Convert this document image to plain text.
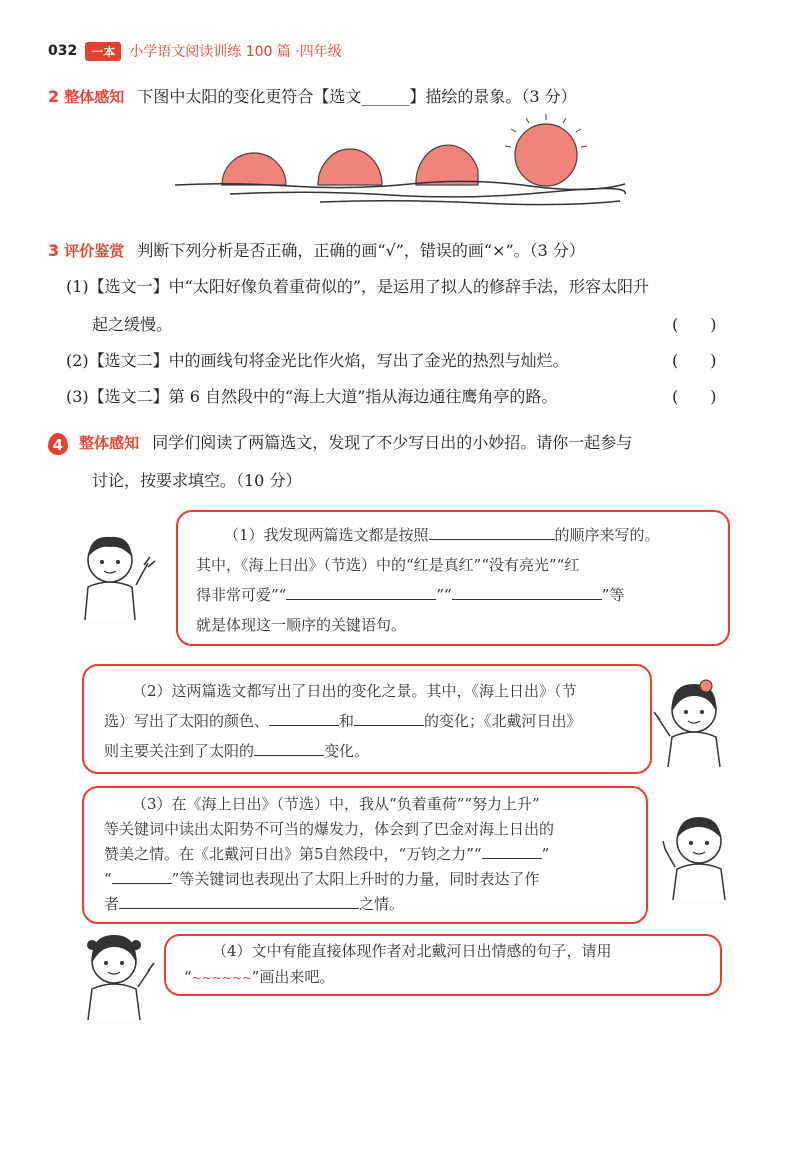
032	一本	小学语文阅读训练 100 篇 · 四年级
2 整体感知 下图中太阳的变化更符合【选文______】描绘的景象。（3 分）
3 评价鉴赏 判断下列分析是否正确，正确的画“√”，错误的画“×”。（3 分）
(1)【选文一】中“太阳好像负着重荷似的”，是运用了拟人的修辞手法，形容太阳升
起之缓慢。	(　　)
(2)【选文二】中的画线句将金光比作火焰，写出了金光的热烈与灿烂。	(　　)
(3)【选文二】第 6 自然段中的“海上大道”指从海边通往鹰角亭的路。	(　　)
4 整体感知 同学们阅读了两篇选文，发现了不少写日出的小妙招。请你一起参与
讨论，按要求填空。（10 分）
（1）我发现两篇选文都是按照	的顺序来写的。
其中，《海上日出》（节选）中的“红是真红”“没有亮光”“红
得非常可爱”“	”“	”等
就是体现这一顺序的关键语句。
（2）这两篇选文都写出了日出的变化之景。其中，《海上日出》（节
选）写出了太阳的颜色、	和	的变化；《北戴河日出》
则主要关注到了太阳的	变化。
（3）在《海上日出》（节选）中，我从“负着重荷”“努力上升”
等关键词中读出太阳势不可当的爆发力，体会到了巴金对海上日出的
赞美之情。在《北戴河日出》第5自然段中，“万钧之力”“	”
“	”等关键词也表现出了太阳上升时的力量，同时表达了作
者	之情。
（4）文中有能直接体现作者对北戴河日出情感的句子，请用
“~~~~~~”画出来吧。
